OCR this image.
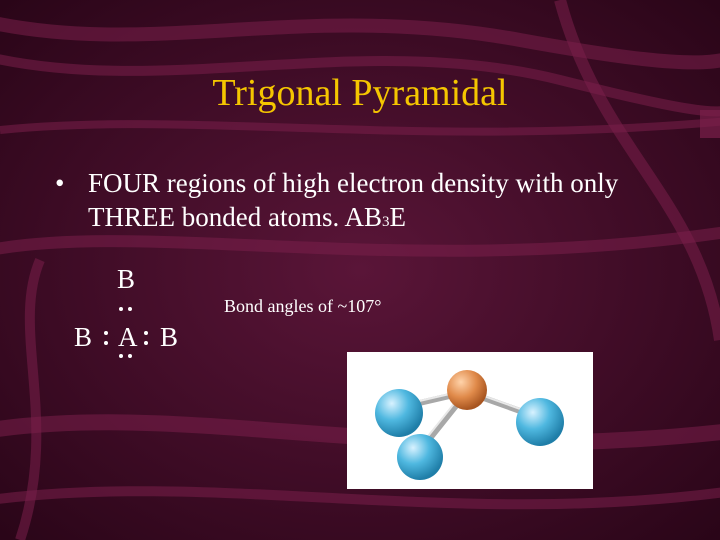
Trigonal Pyramidal
• FOUR regions of high electron density with only THREE bonded atoms. AB3E
B
B A B
Bond angles of ~107°
